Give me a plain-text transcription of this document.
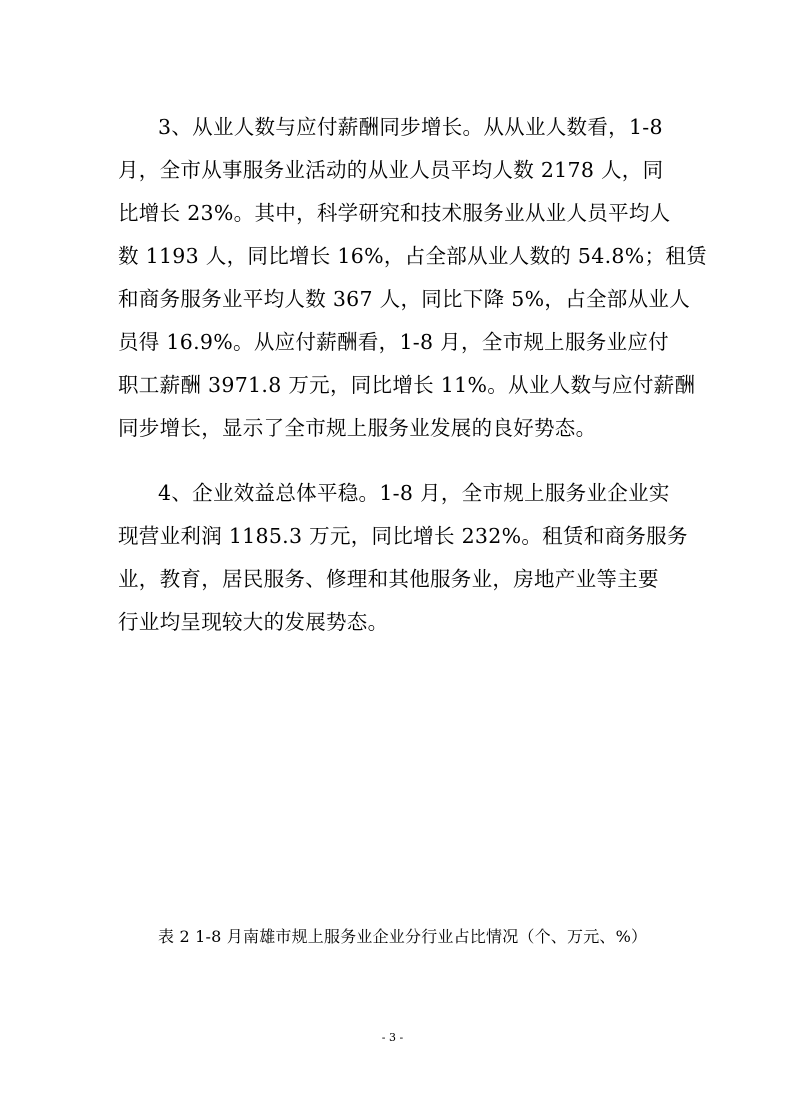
3、从业人数与应付薪酬同步增长。从从业人数看，1-8
月，全市从事服务业活动的从业人员平均人数 2178 人，同
比增长 23%。其中，科学研究和技术服务业从业人员平均人
数 1193 人，同比增长 16%，占全部从业人数的 54.8%；租赁
和商务服务业平均人数 367 人，同比下降 5%，占全部从业人
员得 16.9%。从应付薪酬看，1-8 月，全市规上服务业应付
职工薪酬 3971.8 万元，同比增长 11%。从业人数与应付薪酬
同步增长，显示了全市规上服务业发展的良好势态。
4、企业效益总体平稳。1-8 月，全市规上服务业企业实
现营业利润 1185.3 万元，同比增长 232%。租赁和商务服务
业，教育，居民服务、修理和其他服务业，房地产业等主要
行业均呈现较大的发展势态。
表 2 1-8 月南雄市规上服务业企业分行业占比情况（个、万元、%）
- 3 -
